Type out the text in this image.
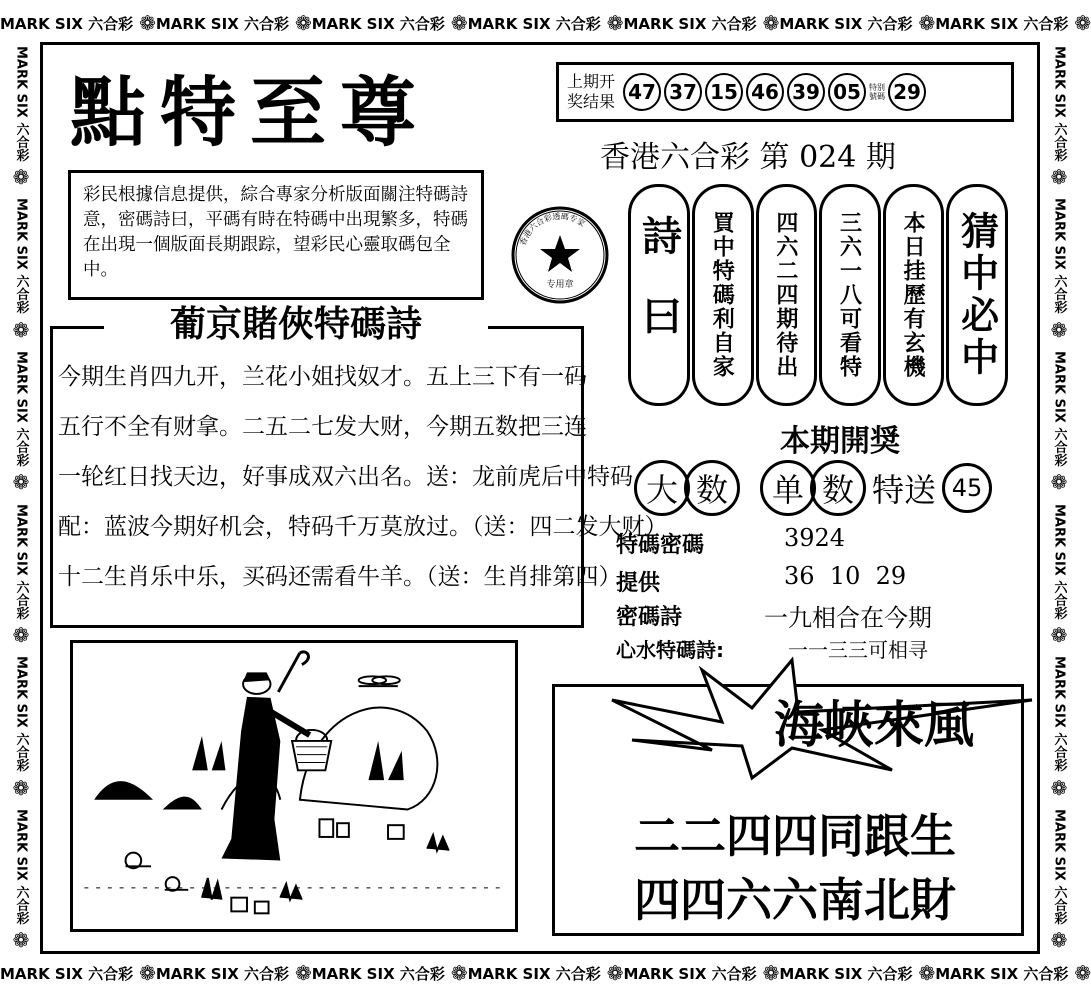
MARK SIX 六合彩 ❁ MARK SIX 六合彩 ❁ MARK SIX 六合彩 ❁ MARK SIX 六合彩 ❁ MARK SIX 六合彩 ❁ MARK SIX 六合彩 ❁ MARK SIX 六合彩 ❁
MARK SIX 六合彩 ❁ MARK SIX 六合彩 ❁ MARK SIX 六合彩 ❁ MARK SIX 六合彩 ❁ MARK SIX 六合彩 ❁ MARK SIX 六合彩 ❁ MARK SIX 六合彩 ❁
MARK SIX 六合彩
❁
MARK SIX 六合彩
❁
MARK SIX 六合彩
❁
MARK SIX 六合彩
❁
MARK SIX 六合彩
❁
MARK SIX 六合彩
❁
MARK SIX 六合彩
❁
MARK SIX 六合彩
❁
MARK SIX 六合彩
❁
MARK SIX 六合彩
❁
MARK SIX 六合彩
❁
MARK SIX 六合彩
❁
點特至尊
彩民根據信息提供，綜合專家分析版面關注特碼詩意，密碼詩曰，平碼有時在特碼中出現繁多，特碼在出現一個版面長期跟踪，望彩民心靈取碼包全中。
香港六合彩透碼专家
专用章
上期开
奖结果 47 37 15 46 39 05	特别號碼 29
香港六合彩 第 024 期
詩曰 買中特碼利自家 四六二四期待出 三六一八可看特 本日挂歷有玄機 猜中必中
本期開奨
大 数	单 数 特送 45
特碼密碼	3924
提供	36  10  29
密碼詩	一九相合在今期
心水特碼詩:	一一三三可相寻
葡京賭俠特碼詩
今期生肖四九开，兰花小姐找奴才。五上三下有一码
五行不全有财拿。二五二七发大财，今期五数把三连
一轮红日找天边，好事成双六出名。送：龙前虎后中特码
配：蓝波今期好机会，特码千万莫放过。（送：四二发大财）
十二生肖乐中乐，买码还需看牛羊。（送：生肖排第四）
海峽來風
二二四四同跟生
四四六六南北財
